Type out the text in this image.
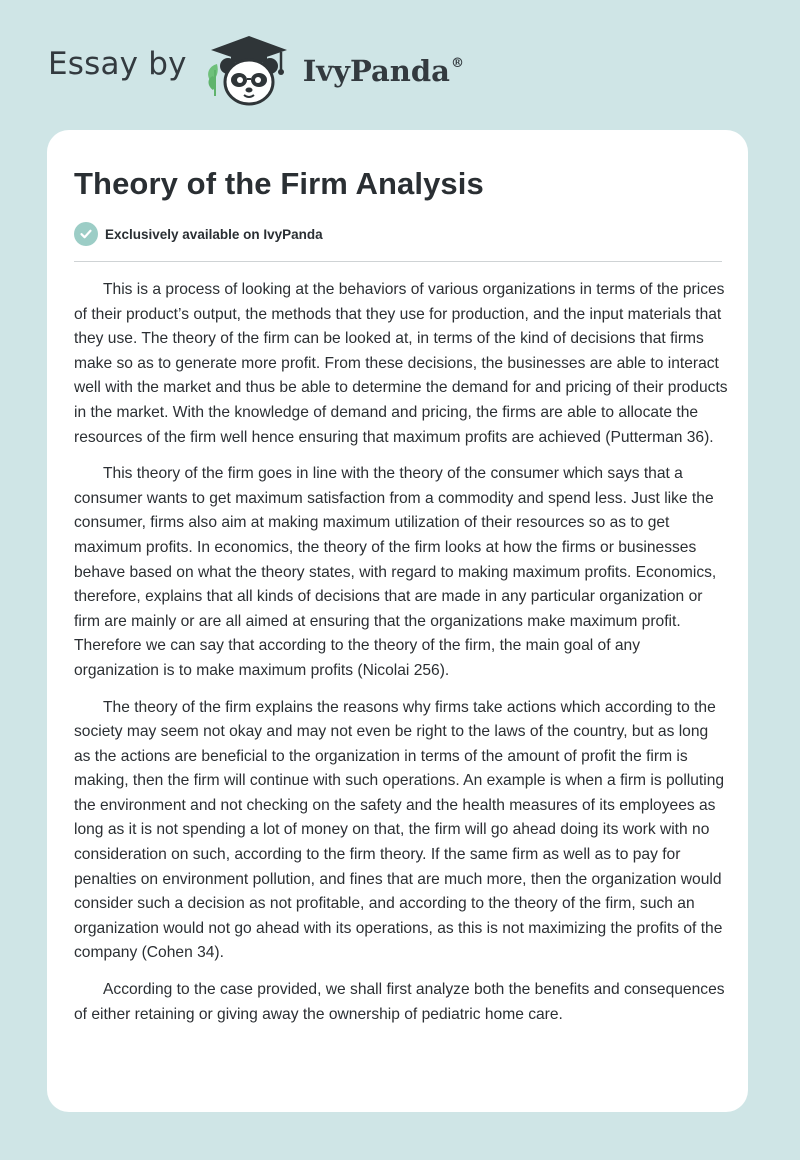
Essay by	IvyPanda®
Theory of the Firm Analysis
Exclusively available on IvyPanda

This is a process of looking at the behaviors of various organizations in terms of the prices of their product’s output, the methods that they use for production, and the input materials that they use. The theory of the firm can be looked at, in terms of the kind of decisions that firms make so as to generate more profit. From these decisions, the businesses are able to interact well with the market and thus be able to determine the demand for and pricing of their products in the market. With the knowledge of demand and pricing, the firms are able to allocate the resources of the firm well hence ensuring that maximum profits are achieved (Putterman 36).

This theory of the firm goes in line with the theory of the consumer which says that a consumer wants to get maximum satisfaction from a commodity and spend less. Just like the consumer, firms also aim at making maximum utilization of their resources so as to get maximum profits. In economics, the theory of the firm looks at how the firms or businesses behave based on what the theory states, with regard to making maximum profits. Economics, therefore, explains that all kinds of decisions that are made in any particular organization or firm are mainly or are all aimed at ensuring that the organizations make maximum profit. Therefore we can say that according to the theory of the firm, the main goal of any organization is to make maximum profits (Nicolai 256).

The theory of the firm explains the reasons why firms take actions which according to the society may seem not okay and may not even be right to the laws of the country, but as long as the actions are beneficial to the organization in terms of the amount of profit the firm is making, then the firm will continue with such operations. An example is when a firm is polluting the environment and not checking on the safety and the health measures of its employees as long as it is not spending a lot of money on that, the firm will go ahead doing its work with no consideration on such, according to the firm theory. If the same firm as well as to pay for penalties on environment pollution, and fines that are much more, then the organization would consider such a decision as not profitable, and according to the theory of the firm, such an organization would not go ahead with its operations, as this is not maximizing the profits of the company (Cohen 34).

According to the case provided, we shall first analyze both the benefits and consequences of either retaining or giving away the ownership of pediatric home care.
